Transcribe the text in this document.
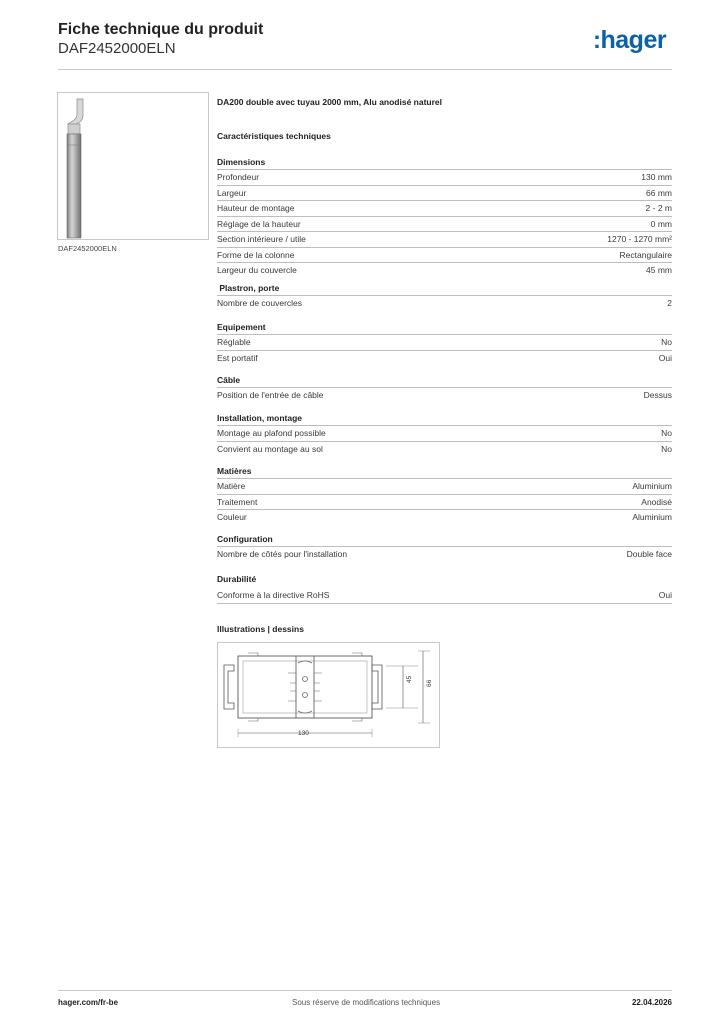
Fiche technique du produit
DAF2452000ELN	:hager
DAF2452000ELN
DA200 double avec tuyau 2000 mm, Alu anodisé naturel
Caractéristiques techniques
Dimensions
Profondeur	130 mm
Largeur	66 mm
Hauteur de montage	2 - 2 m
Réglage de la hauteur	0 mm
Section intérieure / utile	1270 - 1270 mm²
Forme de la colonne	Rectangulaire
Largeur du couvercle	45 mm
Plastron, porte
Nombre de couvercles	2
Equipement
Réglable	No
Est portatif	Oui
Câble
Position de l'entrée de câble	Dessus
Installation, montage
Montage au plafond possible	No
Convient au montage au sol	No
Matières
Matière	Aluminium
Traitement	Anodisé
Couleur	Aluminium
Configuration
Nombre de côtés pour l'installation	Double face
Durabilité
Conforme à la directive RoHS	Oui
Illustrations | dessins
130
45
66
hager.com/fr-be	Sous réserve de modifications techniques	22.04.2026
